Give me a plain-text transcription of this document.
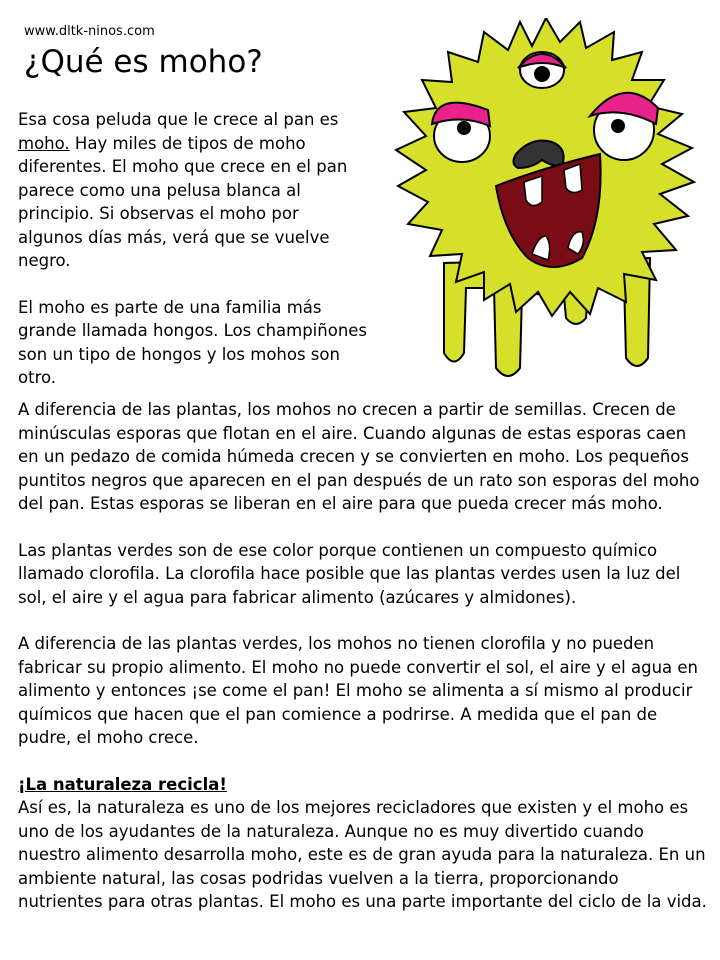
www.dltk-ninos.com
¿Qué es moho?

Esa cosa peluda que le crece al pan es moho. Hay miles de tipos de moho diferentes. El moho que crece en el pan parece como una pelusa blanca al principio. Si observas el moho por algunos días más, verá que se vuelve negro.

El moho es parte de una familia más grande llamada hongos. Los champiñones son un tipo de hongos y los mohos son otro.

A diferencia de las plantas, los mohos no crecen a partir de semillas. Crecen de minúsculas esporas que flotan en el aire. Cuando algunas de estas esporas caen en un pedazo de comida húmeda crecen y se convierten en moho. Los pequeños puntitos negros que aparecen en el pan después de un rato son esporas del moho del pan. Estas esporas se liberan en el aire para que pueda crecer más moho.

Las plantas verdes son de ese color porque contienen un compuesto químico llamado clorofila. La clorofila hace posible que las plantas verdes usen la luz del sol, el aire y el agua para fabricar alimento (azúcares y almidones).

A diferencia de las plantas verdes, los mohos no tienen clorofila y no pueden fabricar su propio alimento. El moho no puede convertir el sol, el aire y el agua en alimento y entonces ¡se come el pan! El moho se alimenta a sí mismo al producir químicos que hacen que el pan comience a podrirse. A medida que el pan de pudre, el moho crece.

¡La naturaleza recicla!

Así es, la naturaleza es uno de los mejores recicladores que existen y el moho es uno de los ayudantes de la naturaleza. Aunque no es muy divertido cuando nuestro alimento desarrolla moho, este es de gran ayuda para la naturaleza. En un ambiente natural, las cosas podridas vuelven a la tierra, proporcionando nutrientes para otras plantas. El moho es una parte importante del ciclo de la vida.
